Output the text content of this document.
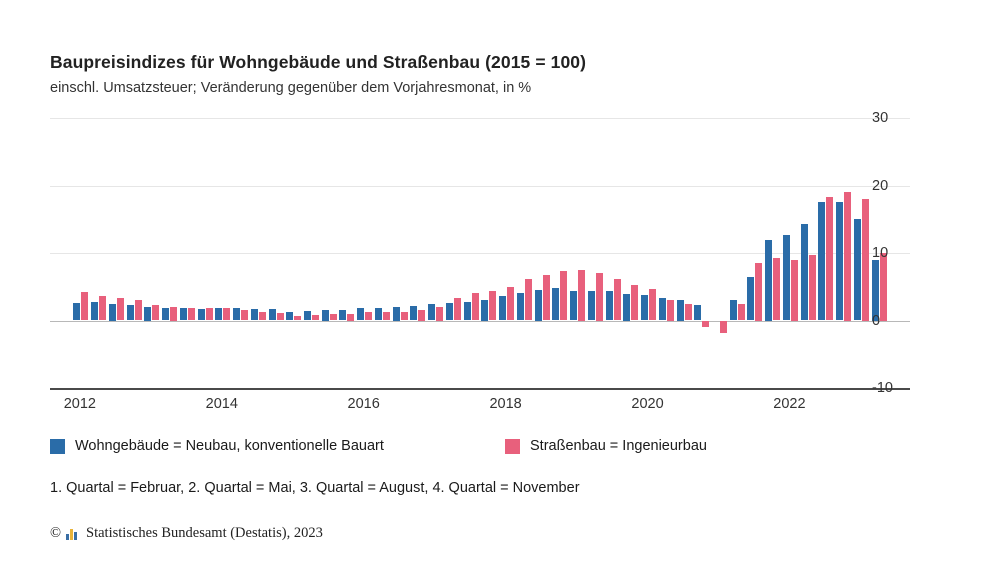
Baupreisindizes für Wohngebäude und Straßenbau (2015 = 100)
einschl. Umsatzsteuer; Veränderung gegenüber dem Vorjahresmonat, in %
-10
0
10
20
30
2012	2014	2016	2018	2020	2022
Wohngebäude = Neubau, konventionelle Bauart	Straßenbau = Ingenieurbau
1. Quartal = Februar, 2. Quartal = Mai, 3. Quartal = August, 4. Quartal = November
© Statistisches Bundesamt (Destatis), 2023
